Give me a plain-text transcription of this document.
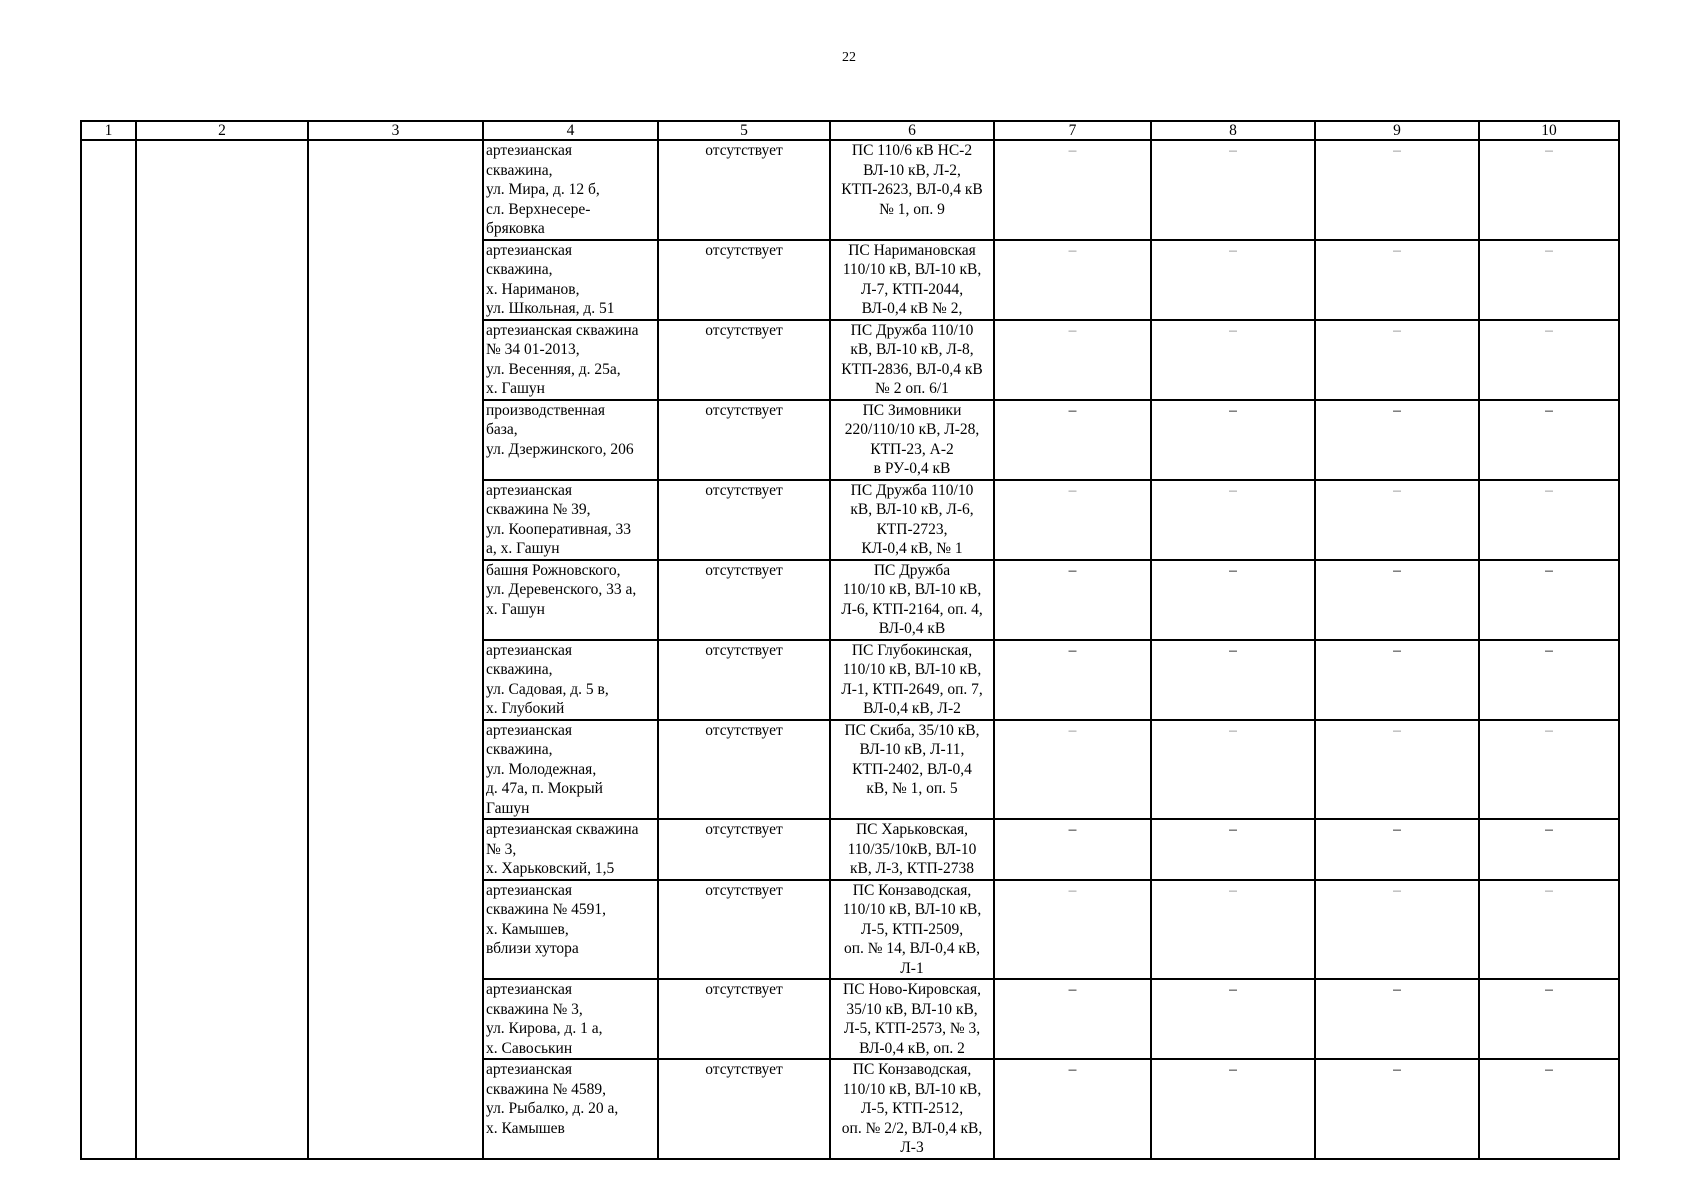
22
1	2	3	4	5	6	7	8	9	10
			артезианская
скважина,
ул. Мира, д. 12 б,
сл. Верхнесере-
бряковка	отсутствует	ПС 110/6 кВ НС-2
ВЛ-10 кВ, Л-2,
КТП-2623, ВЛ-0,4 кВ
№ 1, оп. 9	–	–	–	–
			артезианская
скважина,
х. Нариманов,
ул. Школьная, д. 51	отсутствует	ПС Наримановская
110/10 кВ, ВЛ-10 кВ,
Л-7, КТП-2044,
ВЛ-0,4 кВ № 2,	–	–	–	–
			артезианская скважина
№ 34 01-2013,
ул. Весенняя, д. 25а,
х. Гашун	отсутствует	ПС Дружба 110/10
кВ, ВЛ-10 кВ, Л-8,
КТП-2836, ВЛ-0,4 кВ
№ 2 оп. 6/1	–	–	–	–
			производственная
база,
ул. Дзержинского, 206	отсутствует	ПС Зимовники
220/110/10 кВ, Л-28,
КТП-23, А-2
в РУ-0,4 кВ	–	–	–	–
			артезианская
скважина № 39,
ул. Кооперативная, 33
а, х. Гашун	отсутствует	ПС Дружба 110/10
кВ, ВЛ-10 кВ, Л-6,
КТП-2723,
КЛ-0,4 кВ, № 1	–	–	–	–
			башня Рожновского,
ул. Деревенского, 33 а,
х. Гашун	отсутствует	ПС Дружба
110/10 кВ, ВЛ-10 кВ,
Л-6, КТП-2164, оп. 4,
ВЛ-0,4 кВ	–	–	–	–
			артезианская
скважина,
ул. Садовая, д. 5 в,
х. Глубокий	отсутствует	ПС Глубокинская,
110/10 кВ, ВЛ-10 кВ,
Л-1, КТП-2649, оп. 7,
ВЛ-0,4 кВ, Л-2	–	–	–	–
			артезианская
скважина,
ул. Молодежная,
д. 47а, п. Мокрый
Гашун	отсутствует	ПС Скиба, 35/10 кВ,
ВЛ-10 кВ, Л-11,
КТП-2402, ВЛ-0,4
кВ, № 1, оп. 5	–	–	–	–
			артезианская скважина
№ 3,
х. Харьковский, 1,5	отсутствует	ПС Харьковская,
110/35/10кВ, ВЛ-10
кВ, Л-3, КТП-2738	–	–	–	–
			артезианская
скважина № 4591,
х. Камышев,
вблизи хутора	отсутствует	ПС Конзаводская,
110/10 кВ, ВЛ-10 кВ,
Л-5, КТП-2509,
оп. № 14, ВЛ-0,4 кВ,
Л-1	–	–	–	–
			артезианская
скважина № 3,
ул. Кирова, д. 1 а,
х. Савоськин	отсутствует	ПС Ново-Кировская,
35/10 кВ, ВЛ-10 кВ,
Л-5, КТП-2573, № 3,
ВЛ-0,4 кВ, оп. 2	–	–	–	–
			артезианская
скважина № 4589,
ул. Рыбалко, д. 20 а,
х. Камышев	отсутствует	ПС Конзаводская,
110/10 кВ, ВЛ-10 кВ,
Л-5, КТП-2512,
оп. № 2/2, ВЛ-0,4 кВ,
Л-3	–	–	–	–
